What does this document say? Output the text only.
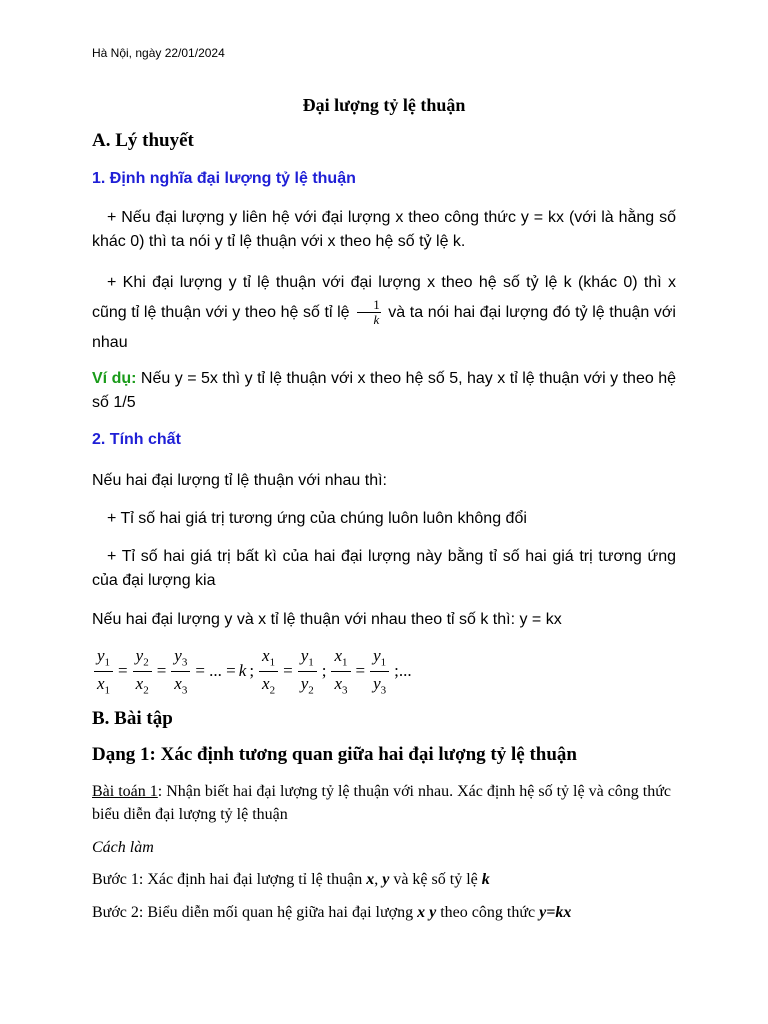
Hà Nội, ngày 22/01/2024
Đại lượng tỷ lệ thuận
A. Lý thuyết
1. Định nghĩa đại lượng tỷ lệ thuận
+ Nếu đại lượng y liên hệ với đại lượng x theo công thức y = kx (với là hằng số khác 0) thì ta nói y tỉ lệ thuận với x theo hệ số tỷ lệ k.
+ Khi đại lượng y tỉ lệ thuận với đại lượng x theo hệ số tỷ lệ k (khác 0) thì x cũng tỉ lệ thuận với y theo hệ số tỉ lệ $\frac{1}{k}$ và ta nói hai đại lượng đó tỷ lệ thuận với nhau
Ví dụ: Nếu y = 5x thì y tỉ lệ thuận với x theo hệ số 5, hay x tỉ lệ thuận với y theo hệ số 1/5
2. Tính chất
Nếu hai đại lượng tỉ lệ thuận với nhau thì:
+ Tỉ số hai giá trị tương ứng của chúng luôn luôn không đổi
+ Tỉ số hai giá trị bất kì của hai đại lượng này bằng tỉ số hai giá trị tương ứng của đại lượng kia
Nếu hai đại lượng y và x tỉ lệ thuận với nhau theo tỉ số k thì: y = kx
$\frac{y_1}{x_1} = \frac{y_2}{x_2} = \frac{y_3}{x_3}$ = ... = k ; $\frac{x_1}{x_2} = \frac{y_1}{y_2}$ ; $\frac{x_1}{x_3} = \frac{y_1}{y_3}$ ;...
B. Bài tập
Dạng 1: Xác định tương quan giữa hai đại lượng tỷ lệ thuận
Bài toán 1: Nhận biết hai đại lượng tỷ lệ thuận với nhau. Xác định hệ số tỷ lệ và công thức biểu diễn đại lượng tỷ lệ thuận
Cách làm
Bước 1: Xác định hai đại lượng tỉ lệ thuận x, y và kệ số tỷ lệ k
Bước 2: Biểu diễn mối quan hệ giữa hai đại lượng x y theo công thức y=kx
